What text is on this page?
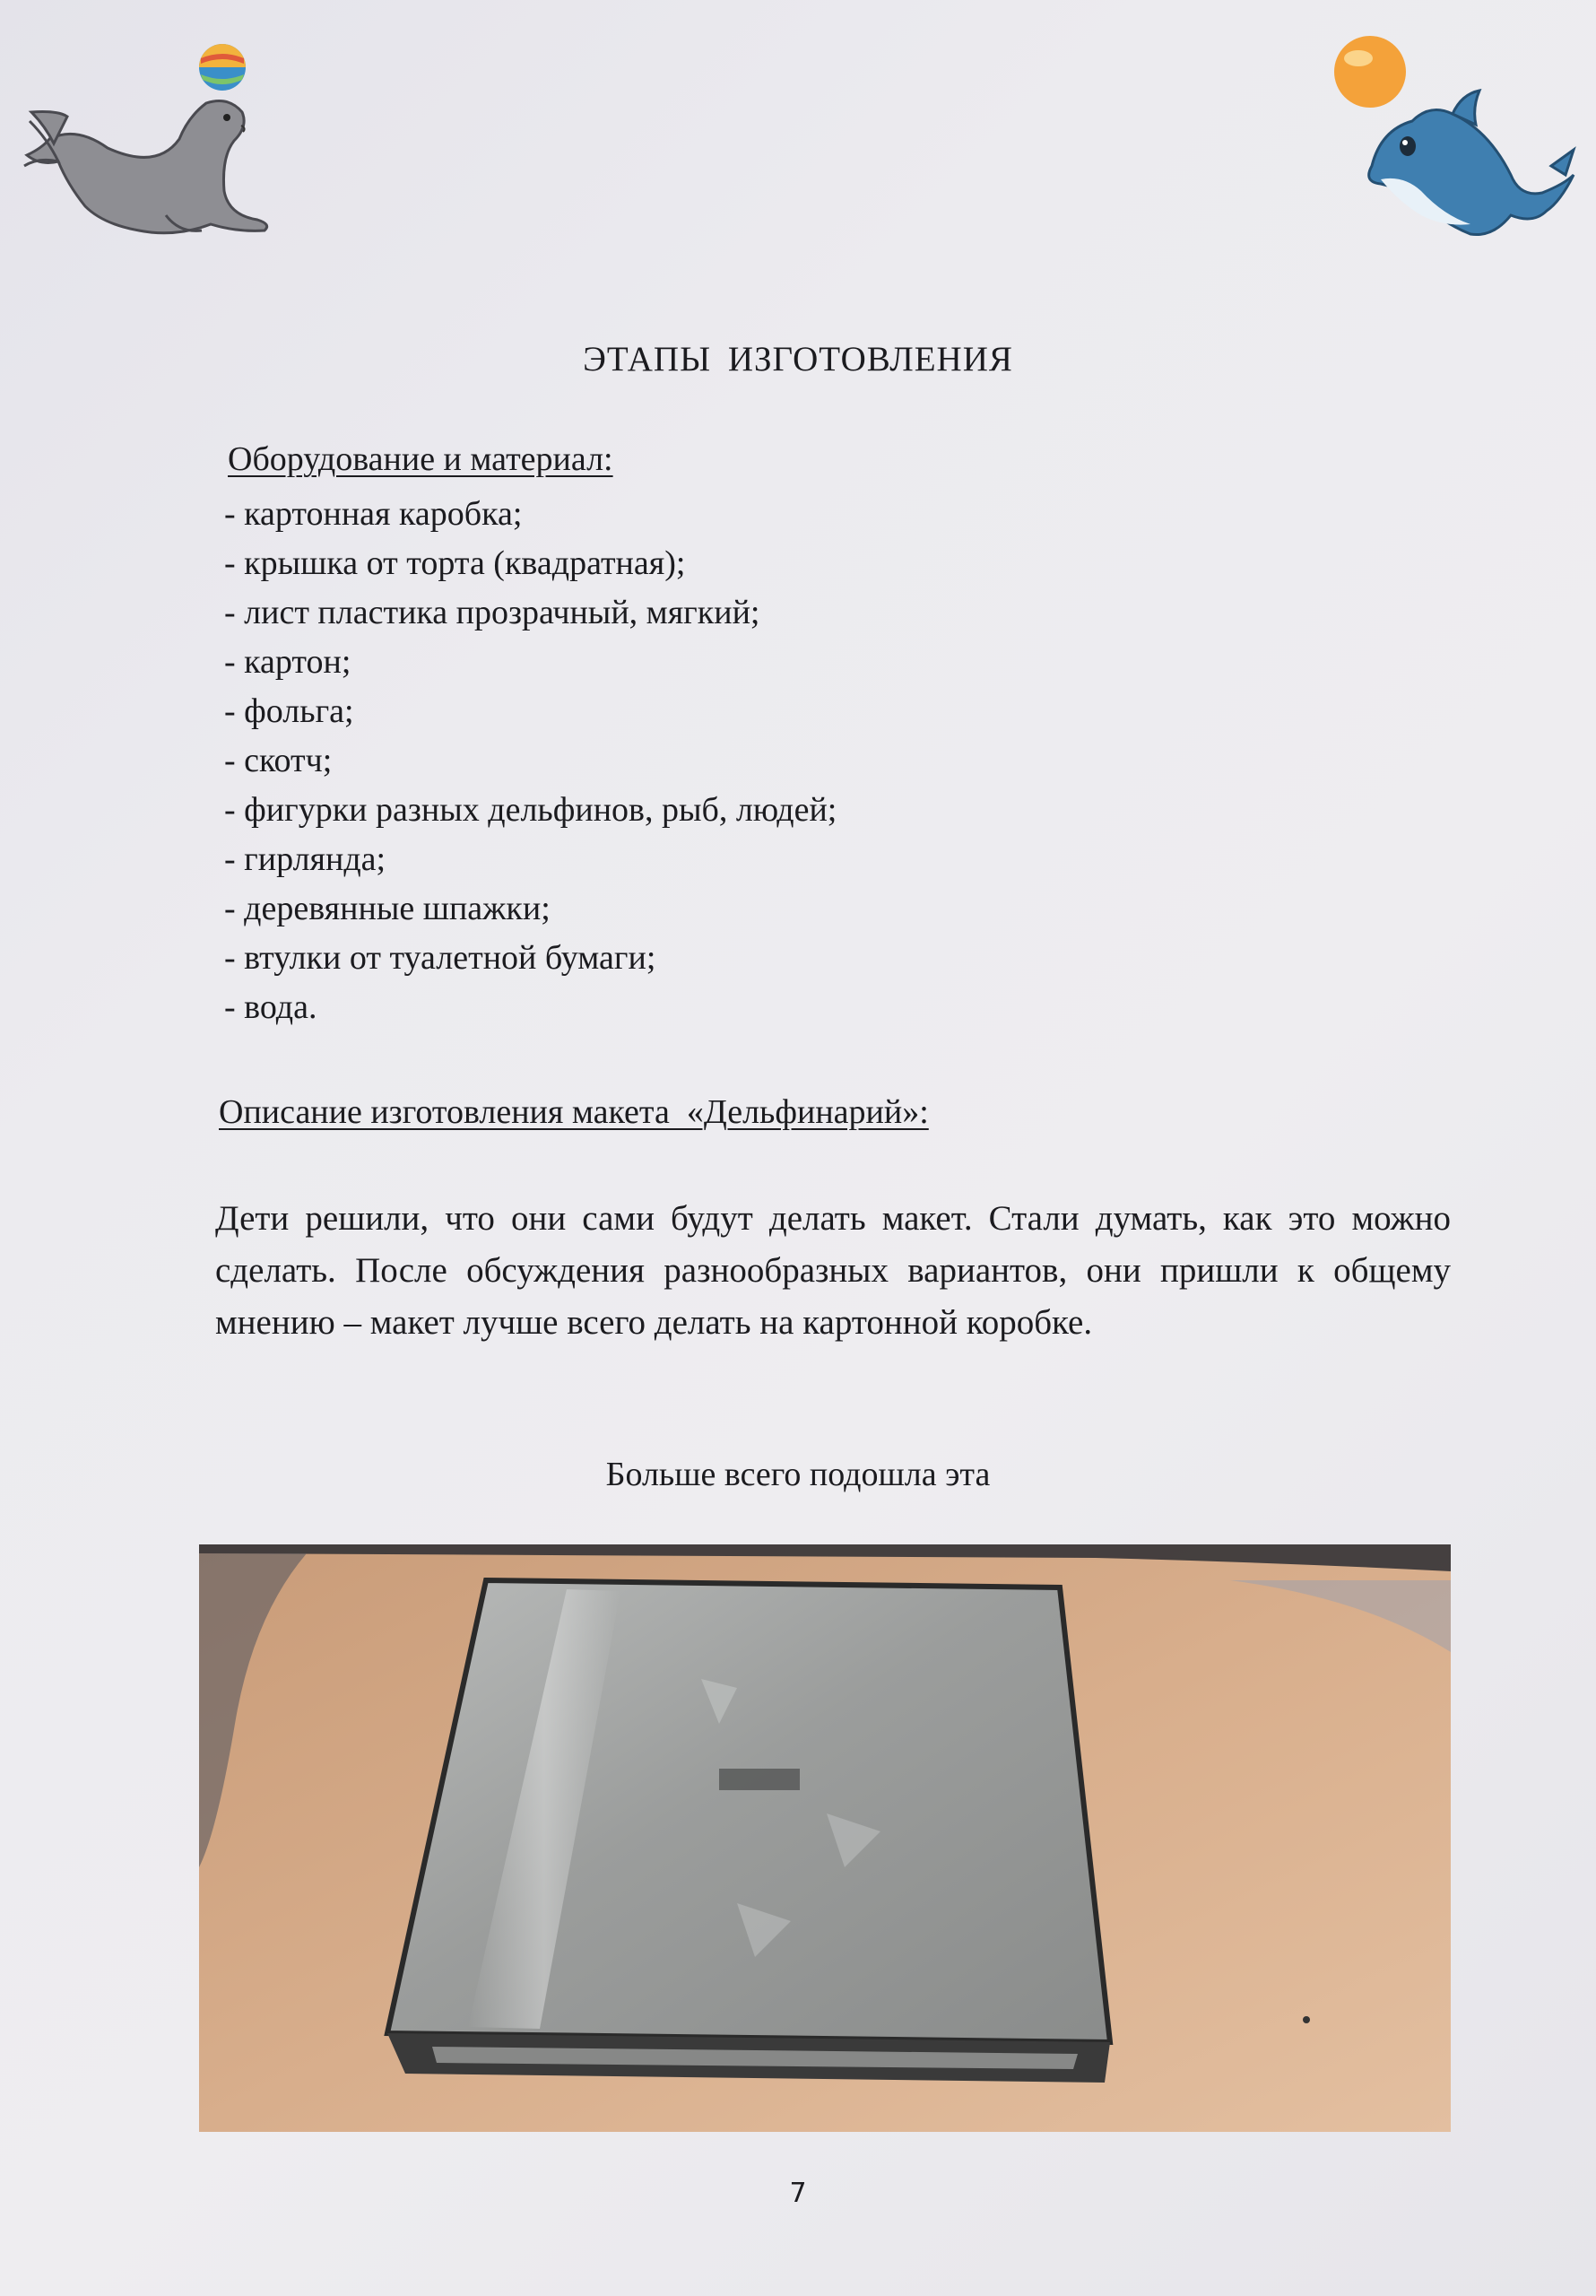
ЭТАПЫ ИЗГОТОВЛЕНИЯ
Оборудование и материал:
- картонная каробка;
- крышка от торта (квадратная);
- лист пластика прозрачный, мягкий;
- картон;
- фольга;
- скотч;
- фигурки разных дельфинов, рыб, людей;
- гирлянда;
- деревянные шпажки;
- втулки от туалетной бумаги;
- вода.
Описание изготовления макета  «Дельфинарий»:

Дети решили, что они сами будут делать макет. Стали думать, как это можно сделать. После обсуждения разнообразных вариантов, они пришли к общему мнению – макет лучше всего делать на картонной коробке.

Больше всего подошла эта
7
